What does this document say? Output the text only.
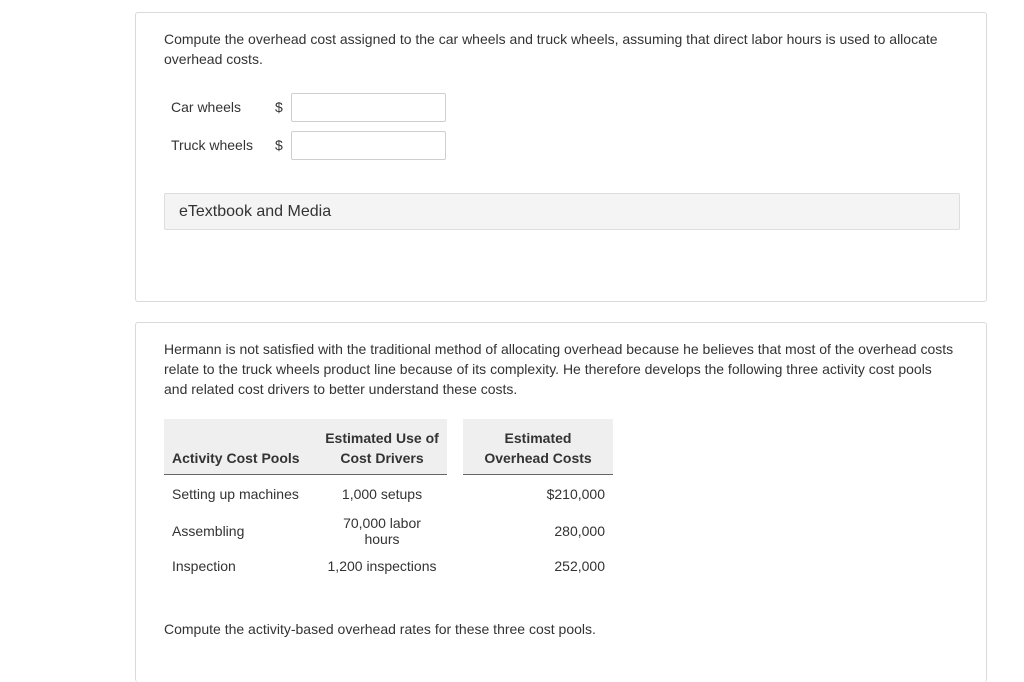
Compute the overhead cost assigned to the car wheels and truck wheels, assuming that direct labor hours is used to allocate overhead costs.
Car wheels $
Truck wheels $
eTextbook and Media
Hermann is not satisfied with the traditional method of allocating overhead because he believes that most of the overhead costs relate to the truck wheels product line because of its complexity. He therefore develops the following three activity cost pools and related cost drivers to better understand these costs.
Activity Cost Pools	Estimated Use of Cost Drivers		Estimated Overhead Costs

Setting up machines	1,000 setups		$210,000
Assembling	70,000 labor hours		280,000
Inspection	1,200 inspections		252,000
Compute the activity-based overhead rates for these three cost pools.
